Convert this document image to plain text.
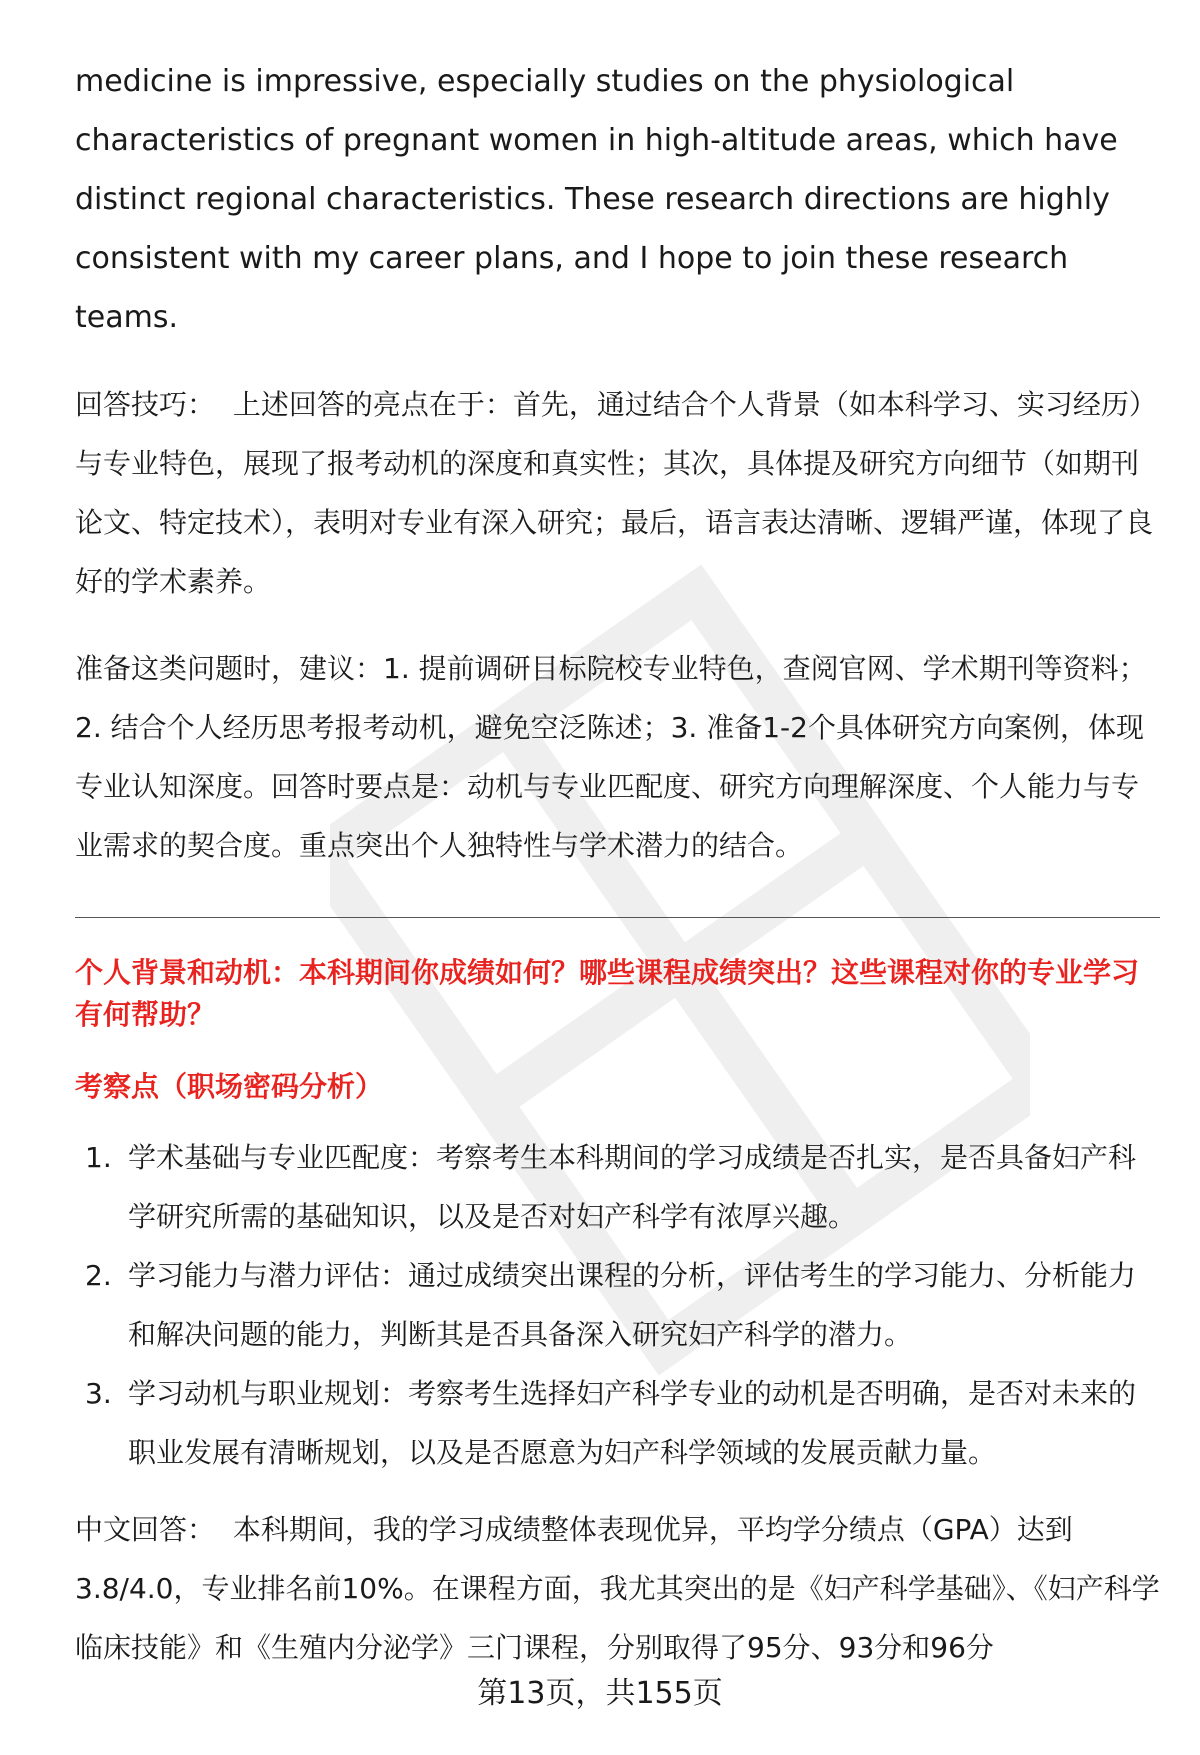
medicine is impressive, especially studies on the physiological characteristics of pregnant women in high-altitude areas, which have distinct regional characteristics. These research directions are highly consistent with my career plans, and I hope to join these research teams.

回答技巧： 上述回答的亮点在于：首先，通过结合个人背景（如本科学习、实习经历）与专业特色，展现了报考动机的深度和真实性；其次，具体提及研究方向细节（如期刊论文、特定技术），表明对专业有深入研究；最后，语言表达清晰、逻辑严谨，体现了良好的学术素养。

准备这类问题时，建议：1. 提前调研目标院校专业特色，查阅官网、学术期刊等资料；2. 结合个人经历思考报考动机，避免空泛陈述；3. 准备1-2个具体研究方向案例，体现专业认知深度。回答时要点是：动机与专业匹配度、研究方向理解深度、个人能力与专业需求的契合度。重点突出个人独特性与学术潜力的结合。

个人背景和动机：本科期间你成绩如何？哪些课程成绩突出？这些课程对你的专业学习有何帮助？
考察点（职场密码分析）
1. 学术基础与专业匹配度：考察考生本科期间的学习成绩是否扎实，是否具备妇产科学研究所需的基础知识，以及是否对妇产科学有浓厚兴趣。
2. 学习能力与潜力评估：通过成绩突出课程的分析，评估考生的学习能力、分析能力和解决问题的能力，判断其是否具备深入研究妇产科学的潜力。
3. 学习动机与职业规划：考察考生选择妇产科学专业的动机是否明确，是否对未来的职业发展有清晰规划，以及是否愿意为妇产科学领域的发展贡献力量。

中文回答： 本科期间，我的学习成绩整体表现优异，平均学分绩点（GPA）达到3.8/4.0，专业排名前10%。在课程方面，我尤其突出的是《妇产科学基础》、《妇产科学临床技能》和《生殖内分泌学》三门课程，分别取得了95分、93分和96分

第13页，共155页
